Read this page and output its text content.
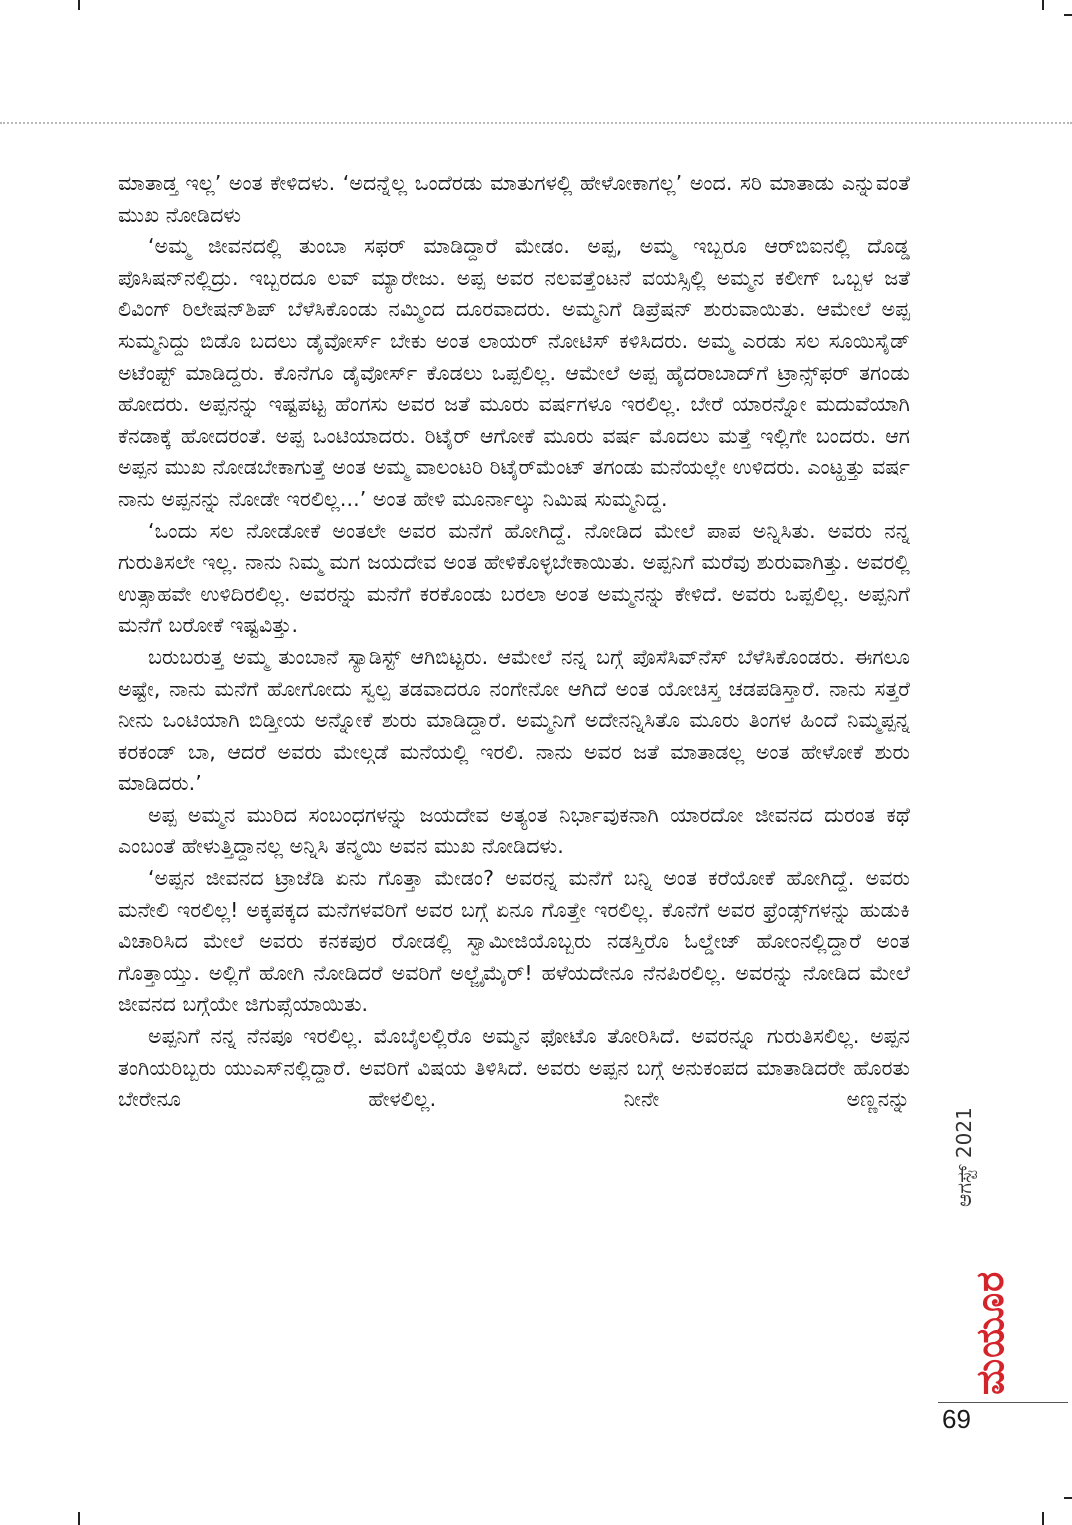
ಮಾತಾಡ್ತ ಇಲ್ಲ’ ಅಂತ ಕೇಳಿದಳು. ‘ಅದನ್ನೆಲ್ಲ ಒಂದೆರಡು ಮಾತುಗಳಲ್ಲಿ ಹೇಳೋಕಾಗಲ್ಲ’ ಅಂದ. ಸರಿ ಮಾತಾಡು ಎನ್ನುವಂತೆ ಮುಖ ನೋಡಿದಳು

‘ಅಮ್ಮ ಜೀವನದಲ್ಲಿ ತುಂಬಾ ಸಫರ್ ಮಾಡಿದ್ದಾರೆ ಮೇಡಂ. ಅಪ್ಪ, ಅಮ್ಮ ಇಬ್ಬರೂ ಆರ್‌ಬಿಐನಲ್ಲಿ ದೊಡ್ಡ ಪೊಸಿಷನ್‌ನಲ್ಲಿದ್ರು. ಇಬ್ಬರದೂ ಲವ್ ಮ್ಯಾರೇಜು. ಅಪ್ಪ ಅವರ ನಲವತ್ತೆಂಟನೆ ವಯಸ್ಸಿಲ್ಲಿ ಅಮ್ಮನ ಕಲೀಗ್ ಒಬ್ಬಳ ಜತೆ ಲಿವಿಂಗ್ ರಿಲೇಷನ್‌ಶಿಪ್ ಬೆಳೆಸಿಕೊಂಡು ನಮ್ಮಿಂದ ದೂರವಾದರು. ಅಮ್ಮನಿಗೆ ಡಿಪ್ರೆಷನ್ ಶುರುವಾಯಿತು. ಆಮೇಲೆ ಅಪ್ಪ ಸುಮ್ಮನಿದ್ದು ಬಿಡೊ ಬದಲು ಡೈವೋರ್ಸ್ ಬೇಕು ಅಂತ ಲಾಯರ್ ನೋಟಿಸ್ ಕಳಿಸಿದರು. ಅಮ್ಮ ಎರಡು ಸಲ ಸೂಯಿಸೈಡ್ ಅಟೆಂಪ್ಟ್ ಮಾಡಿದ್ದರು. ಕೊನೆಗೂ ಡೈವೋರ್ಸ್ ಕೊಡಲು ಒಪ್ಪಲಿಲ್ಲ. ಆಮೇಲೆ ಅಪ್ಪ ಹೈದರಾಬಾದ್‌ಗೆ ಟ್ರಾನ್ಸ್‌ಫರ್ ತಗಂಡು ಹೋದರು. ಅಪ್ಪನನ್ನು ಇಷ್ಟಪಟ್ಟ ಹೆಂಗಸು ಅವರ ಜತೆ ಮೂರು ವರ್ಷಗಳೂ ಇರಲಿಲ್ಲ. ಬೇರೆ ಯಾರನ್ನೋ ಮದುವೆಯಾಗಿ ಕೆನಡಾಕ್ಕೆ ಹೋದರಂತೆ. ಅಪ್ಪ ಒಂಟಿಯಾದರು. ರಿಟೈರ್ ಆಗೋಕೆ ಮೂರು ವರ್ಷ ಮೊದಲು ಮತ್ತೆ ಇಲ್ಲಿಗೇ ಬಂದರು. ಆಗ ಅಪ್ಪನ ಮುಖ ನೋಡಬೇಕಾಗುತ್ತೆ ಅಂತ ಅಮ್ಮ ವಾಲಂಟರಿ ರಿಟೈರ್‌ಮೆಂಟ್ ತಗಂಡು ಮನೆಯಲ್ಲೇ ಉಳಿದರು. ಎಂಟ್ಹತ್ತು ವರ್ಷ ನಾನು ಅಪ್ಪನನ್ನು ನೋಡೇ ಇರಲಿಲ್ಲ...’ ಅಂತ ಹೇಳಿ ಮೂರ್ನಾಲ್ಕು ನಿಮಿಷ ಸುಮ್ಮನಿದ್ದ.

‘ಒಂದು ಸಲ ನೋಡೋಕೆ ಅಂತಲೇ ಅವರ ಮನೆಗೆ ಹೋಗಿದ್ದೆ. ನೋಡಿದ ಮೇಲೆ ಪಾಪ ಅನ್ನಿಸಿತು. ಅವರು ನನ್ನ ಗುರುತಿಸಲೇ ಇಲ್ಲ. ನಾನು ನಿಮ್ಮ ಮಗ ಜಯದೇವ ಅಂತ ಹೇಳಿಕೊಳ್ಳಬೇಕಾಯಿತು. ಅಪ್ಪನಿಗೆ ಮರೆವು ಶುರುವಾಗಿತ್ತು. ಅವರಲ್ಲಿ ಉತ್ಸಾಹವೇ ಉಳಿದಿರಲಿಲ್ಲ. ಅವರನ್ನು ಮನೆಗೆ ಕರಕೊಂಡು ಬರಲಾ ಅಂತ ಅಮ್ಮನನ್ನು ಕೇಳಿದೆ. ಅವರು ಒಪ್ಪಲಿಲ್ಲ. ಅಪ್ಪನಿಗೆ ಮನೆಗೆ ಬರೋಕೆ ಇಷ್ಟವಿತ್ತು.

ಬರುಬರುತ್ತ ಅಮ್ಮ ತುಂಬಾನೆ ಸ್ಯಾಡಿಸ್ಟ್ ಆಗಿಬಿಟ್ಟರು. ಆಮೇಲೆ ನನ್ನ ಬಗ್ಗೆ ಪೊಸೆಸಿವ್‌ನೆಸ್ ಬೆಳೆಸಿಕೊಂಡರು. ಈಗಲೂ ಅಷ್ಟೇ, ನಾನು ಮನೆಗೆ ಹೋಗೋದು ಸ್ವಲ್ಪ ತಡವಾದರೂ ನಂಗೇನೋ ಆಗಿದೆ ಅಂತ ಯೋಚಿಸ್ತ ಚಡಪಡಿಸ್ತಾರೆ. ನಾನು ಸತ್ತರೆ ನೀನು ಒಂಟಿಯಾಗಿ ಬಿಡ್ತೀಯ ಅನ್ನೋಕೆ ಶುರು ಮಾಡಿದ್ದಾರೆ. ಅಮ್ಮನಿಗೆ ಅದೇನನ್ನಿಸಿತೊ ಮೂರು ತಿಂಗಳ ಹಿಂದೆ ನಿಮ್ಮಪ್ಪನ್ನ ಕರಕಂಡ್ ಬಾ, ಆದರೆ ಅವರು ಮೇಲ್ಗಡೆ ಮನೆಯಲ್ಲಿ ಇರಲಿ. ನಾನು ಅವರ ಜತೆ ಮಾತಾಡಲ್ಲ ಅಂತ ಹೇಳೋಕೆ ಶುರು ಮಾಡಿದರು.’

ಅಪ್ಪ ಅಮ್ಮನ ಮುರಿದ ಸಂಬಂಧಗಳನ್ನು ಜಯದೇವ ಅತ್ಯಂತ ನಿರ್ಭಾವುಕನಾಗಿ ಯಾರದೋ ಜೀವನದ ದುರಂತ ಕಥೆ ಎಂಬಂತೆ ಹೇಳುತ್ತಿದ್ದಾನಲ್ಲ ಅನ್ನಿಸಿ ತನ್ಮಯಿ ಅವನ ಮುಖ ನೋಡಿದಳು.

‘ಅಪ್ಪನ ಜೀವನದ ಟ್ರಾಜೆಡಿ ಏನು ಗೊತ್ತಾ ಮೇಡಂ? ಅವರನ್ನ ಮನೆಗೆ ಬನ್ನಿ ಅಂತ ಕರೆಯೋಕೆ ಹೋಗಿದ್ದೆ. ಅವರು ಮನೇಲಿ ಇರಲಿಲ್ಲ! ಅಕ್ಕಪಕ್ಕದ ಮನೆಗಳವರಿಗೆ ಅವರ ಬಗ್ಗೆ ಏನೂ ಗೊತ್ತೇ ಇರಲಿಲ್ಲ. ಕೊನೆಗೆ ಅವರ ಫ್ರೆಂಡ್ಸ್‌ಗಳನ್ನು ಹುಡುಕಿ ವಿಚಾರಿಸಿದ ಮೇಲೆ ಅವರು ಕನಕಪುರ ರೋಡಲ್ಲಿ ಸ್ವಾಮೀಜಿಯೊಬ್ಬರು ನಡಸ್ತಿರೊ ಓಲ್ಡೇಜ್ ಹೋಂನಲ್ಲಿದ್ದಾರೆ ಅಂತ ಗೊತ್ತಾಯ್ತು. ಅಲ್ಲಿಗೆ ಹೋಗಿ ನೋಡಿದರೆ ಅವರಿಗೆ ಅಲ್ಜೈಮೈರ್! ಹಳೆಯದೇನೂ ನೆನಪಿರಲಿಲ್ಲ. ಅವರನ್ನು ನೋಡಿದ ಮೇಲೆ ಜೀವನದ ಬಗ್ಗೆಯೇ ಜಿಗುಪ್ಸೆಯಾಯಿತು.

ಅಪ್ಪನಿಗೆ ನನ್ನ ನೆನಪೂ ಇರಲಿಲ್ಲ. ಮೊಬೈಲಲ್ಲಿರೊ ಅಮ್ಮನ ಫೋಟೊ ತೋರಿಸಿದೆ. ಅವರನ್ನೂ ಗುರುತಿಸಲಿಲ್ಲ. ಅಪ್ಪನ ತಂಗಿಯರಿಬ್ಬರು ಯುಎಸ್‌ನಲ್ಲಿದ್ದಾರೆ. ಅವರಿಗೆ ವಿಷಯ ತಿಳಿಸಿದೆ. ಅವರು ಅಪ್ಪನ ಬಗ್ಗೆ ಅನುಕಂಪದ ಮಾತಾಡಿದರೇ ಹೊರತು ಬೇರೇನೂ ಹೇಳಲಿಲ್ಲ. ನೀನೇ ಅಣ್ಣನನ್ನು

ಆಗಸ್ಟ್ 2021
ಮಯೂರ
69
